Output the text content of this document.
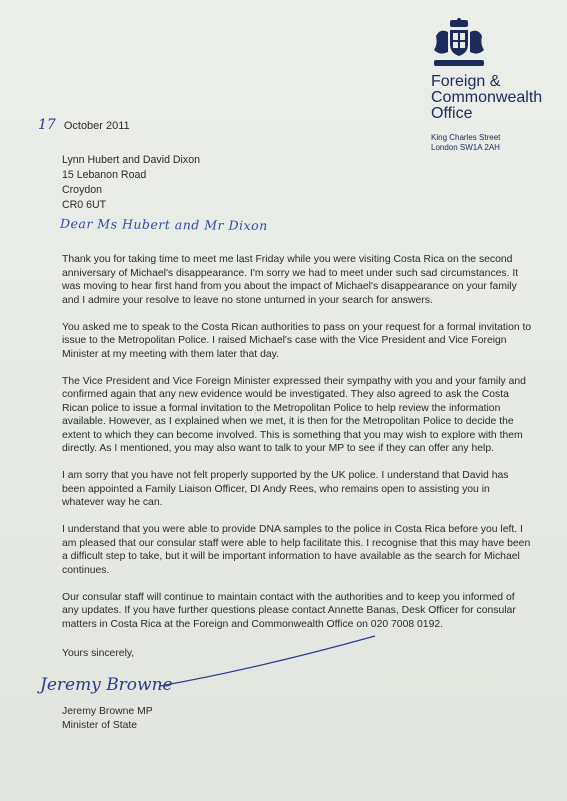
Foreign &
Commonwealth
Office
King Charles Street
London SW1A 2AH
17 October 2011
Lynn Hubert and David Dixon
15 Lebanon Road
Croydon
CR0 6UT
Dear Ms Hubert and Mr Dixon

Thank you for taking time to meet me last Friday while you were visiting Costa Rica on the second anniversary of Michael's disappearance. I'm sorry we had to meet under such sad circumstances. It was moving to hear first hand from you about the impact of Michael's disappearance on your family and I admire your resolve to leave no stone unturned in your search for answers.

You asked me to speak to the Costa Rican authorities to pass on your request for a formal invitation to issue to the Metropolitan Police. I raised Michael's case with the Vice President and Vice Foreign Minister at my meeting with them later that day.

The Vice President and Vice Foreign Minister expressed their sympathy with you and your family and confirmed again that any new evidence would be investigated. They also agreed to ask the Costa Rican police to issue a formal invitation to the Metropolitan Police to help review the information available. However, as I explained when we met, it is then for the Metropolitan Police to decide the extent to which they can become involved. This is something that you may wish to explore with them directly. As I mentioned, you may also want to talk to your MP to see if they can offer any help.

I am sorry that you have not felt properly supported by the UK police. I understand that David has been appointed a Family Liaison Officer, DI Andy Rees, who remains open to assisting you in whatever way he can.

I understand that you were able to provide DNA samples to the police in Costa Rica before you left. I am pleased that our consular staff were able to help facilitate this. I recognise that this may have been a difficult step to take, but it will be important information to have available as the search for Michael continues.

Our consular staff will continue to maintain contact with the authorities and to keep you informed of any updates. If you have further questions please contact Annette Banas, Desk Officer for consular matters in Costa Rica at the Foreign and Commonwealth Office on 020 7008 0192.

Yours sincerely,
Jeremy Browne
Jeremy Browne MP
Minister of State
